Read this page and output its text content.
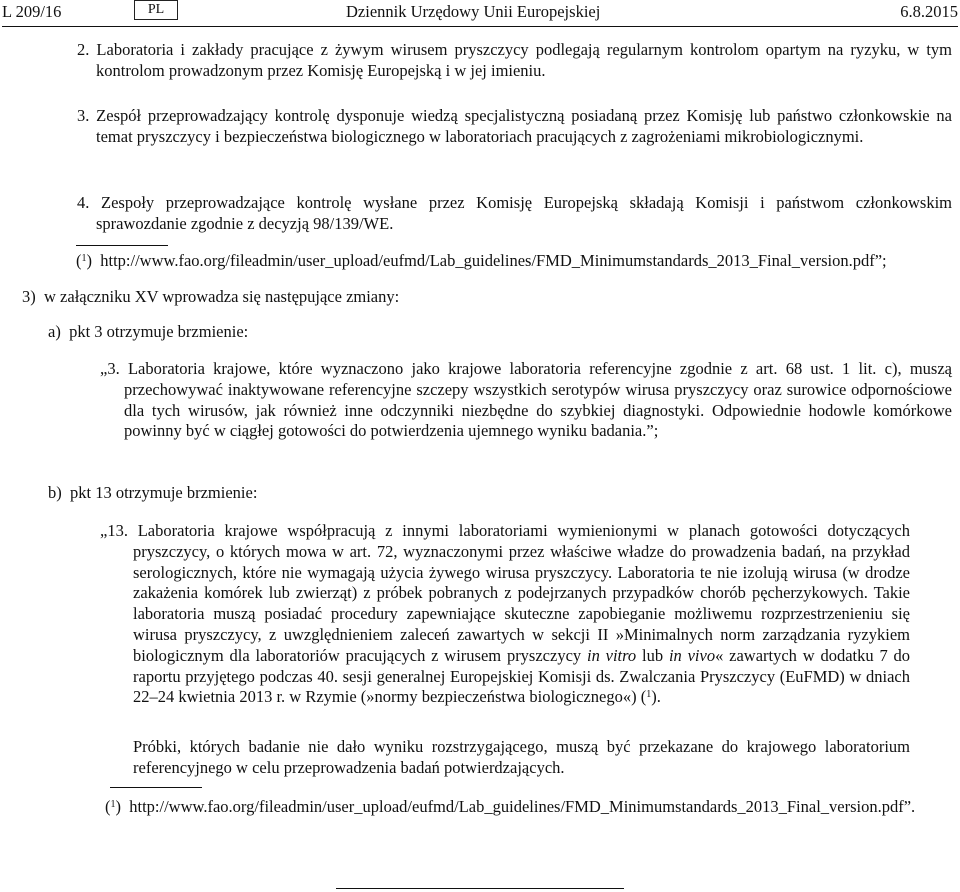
L 209/16	PL	Dziennik Urzędowy Unii Europejskiej	6.8.2015
2. Laboratoria i zakłady pracujące z żywym wirusem pryszczycy podlegają regularnym kontrolom opartym na ryzyku, w tym kontrolom prowadzonym przez Komisję Europejską i w jej imieniu.
3. Zespół przeprowadzający kontrolę dysponuje wiedzą specjalistyczną posiadaną przez Komisję lub państwo członkowskie na temat pryszczycy i bezpieczeństwa biologicznego w laboratoriach pracujących z zagrożeniami mikrobiologicznymi.
4. Zespoły przeprowadzające kontrolę wysłane przez Komisję Europejską składają Komisji i państwom członkowskim sprawozdanie zgodnie z decyzją 98/139/WE.
($^1$)  http://www.fao.org/fileadmin/user_upload/eufmd/Lab_guidelines/FMD_Minimumstandards_2013_Final_version.pdf”;
3) w załączniku XV wprowadza się następujące zmiany:
a) pkt 3 otrzymuje brzmienie:
„3. Laboratoria krajowe, które wyznaczono jako krajowe laboratoria referencyjne zgodnie z art. 68 ust. 1 lit. c), muszą przechowywać inaktywowane referencyjne szczepy wszystkich serotypów wirusa pryszczycy oraz surowice odpornościowe dla tych wirusów, jak również inne odczynniki niezbędne do szybkiej diagnostyki. Odpowiednie hodowle komórkowe powinny być w ciągłej gotowości do potwierdzenia ujemnego wyniku badania.”;
b) pkt 13 otrzymuje brzmienie:
„13. Laboratoria krajowe współpracują z innymi laboratoriami wymienionymi w planach gotowości dotyczących pryszczycy, o których mowa w art. 72, wyznaczonymi przez właściwe władze do prowadzenia badań, na przykład serologicznych, które nie wymagają użycia żywego wirusa pryszczycy. Laboratoria te nie izolują wirusa (w drodze zakażenia komórek lub zwierząt) z próbek pobranych z podejrzanych przypadków chorób pęcherzykowych. Takie laboratoria muszą posiadać procedury zapewniające skuteczne zapobieganie możliwemu rozprzestrzenieniu się wirusa pryszczycy, z uwzględnieniem zaleceń zawartych w sekcji II »Minimalnych norm zarządzania ryzykiem biologicznym dla laboratoriów pracujących z wirusem pryszczycy in vitro lub in vivo« zawartych w dodatku 7 do raportu przyjętego podczas 40. sesji generalnej Europejskiej Komisji ds. Zwalczania Pryszczycy (EuFMD) w dniach 22–24 kwietnia 2013 r. w Rzymie (»normy bezpieczeństwa biologicznego«) ($^1$).
Próbki, których badanie nie dało wyniku rozstrzygającego, muszą być przekazane do krajowego laboratorium referencyjnego w celu przeprowadzenia badań potwierdzających.
($^1$)  http://www.fao.org/fileadmin/user_upload/eufmd/Lab_guidelines/FMD_Minimumstandards_2013_Final_version.pdf”.
